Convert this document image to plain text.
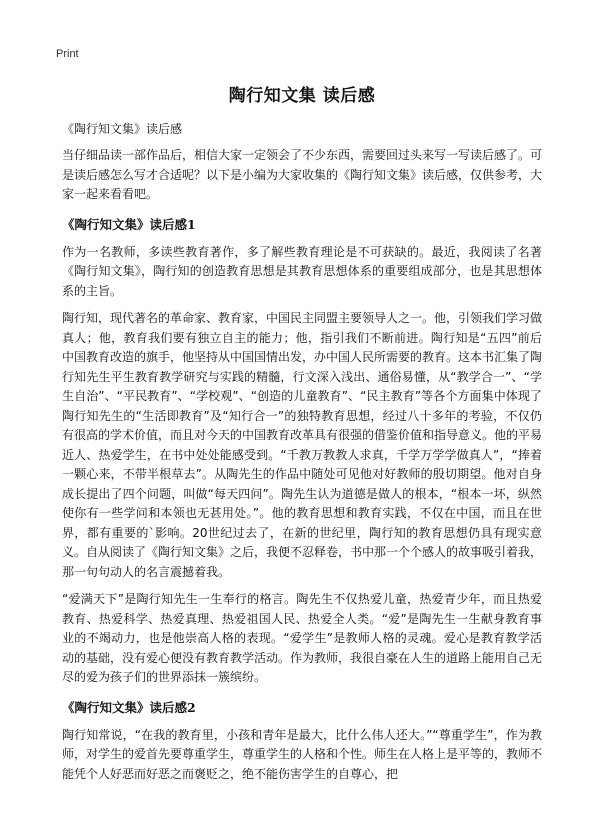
Print
陶行知文集 读后感
《陶行知文集》读后感

当仔细品读一部作品后，相信大家一定领会了不少东西，需要回过头来写一写读后感了。可是读后感怎么写才合适呢？以下是小编为大家收集的《陶行知文集》读后感，仅供参考，大家一起来看看吧。

《陶行知文集》读后感1

作为一名教师，多读些教育著作，多了解些教育理论是不可获缺的。最近，我阅读了名著《陶行知文集》，陶行知的创造教育思想是其教育思想体系的重要组成部分，也是其思想体系的主旨。

陶行知，现代著名的革命家、教育家，中国民主同盟主要领导人之一。他，引领我们学习做真人；他，教育我们要有独立自主的能力；他，指引我们不断前进。陶行知是“五四”前后中国教育改造的旗手，他坚持从中国国情出发，办中国人民所需要的教育。这本书汇集了陶行知先生平生教育教学研究与实践的精髓，行文深入浅出、通俗易懂，从“教学合一”、“学生自治”、“平民教育”、“学校观”、“创造的儿童教育”、“民主教育”等各个方面集中体现了陶行知先生的“生活即教育”及“知行合一”的独特教育思想，经过八十多年的考验，不仅仍有很高的学术价值，而且对今天的中国教育改革具有很强的借鉴价值和指导意义。他的平易近人、热爱学生，在书中处处能感受到。“千教万教教人求真，千学万学学做真人”，“捧着一颗心来，不带半根草去”。从陶先生的作品中随处可见他对好教师的殷切期望。他对自身成长提出了四个问题，叫做“每天四问”。陶先生认为道德是做人的根本，“根本一坏，纵然使你有一些学问和本领也无甚用处。”。他的教育思想和教育实践，不仅在中国，而且在世界，都有重要的`影响。20世纪过去了，在新的世纪里，陶行知的教育思想仍具有现实意义。自从阅读了《陶行知文集》之后，我便不忍释卷，书中那一个个感人的故事吸引着我，那一句句动人的名言震撼着我。

“爱满天下”是陶行知先生一生奉行的格言。陶先生不仅热爱儿童，热爱青少年，而且热爱教育、热爱科学、热爱真理、热爱祖国人民、热爱全人类。“爱”是陶先生一生献身教育事业的不竭动力，也是他崇高人格的表现。“爱学生”是教师人格的灵魂。爱心是教育教学活动的基础，没有爱心便没有教育教学活动。作为教师，我很自豪在人生的道路上能用自己无尽的爱为孩子们的世界添抹一簇缤纷。

《陶行知文集》读后感2

陶行知常说，“在我的教育里，小孩和青年是最大，比什么伟人还大。”“尊重学生”，作为教师，对学生的爱首先要尊重学生，尊重学生的人格和个性。师生在人格上是平等的，教师不能凭个人好恶而好恶之而褒贬之，绝不能伤害学生的自尊心，把
